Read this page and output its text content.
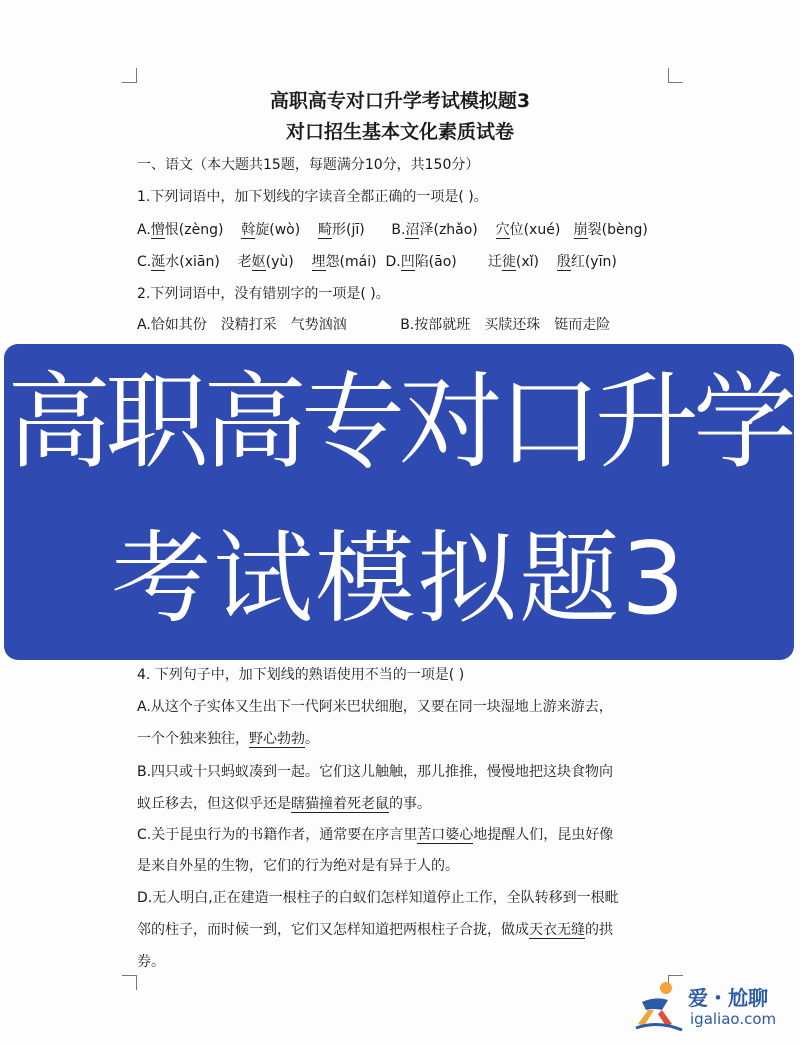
高职高专对口升学考试模拟题3
对口招生基本文化素质试卷
一、语文（本大题共15题，每题满分10分，共150分）
1.下列词语中，加下划线的字读音全都正确的一项是( )。
A.憎恨(zèng) 斡旋(wò) 畸形(jī) B.沼泽(zhǎo) 穴位(xué) 崩裂(bèng)
C.涎水(xiān) 老妪(yù) 埋怨(mái) D.凹陷(āo) 迁徙(xǐ) 殷红(yīn)
2.下列词语中，没有错别字的一项是( )。
A.恰如其份　没精打采　气势汹汹	B.按部就班　买牍还珠　铤而走险
高职高专对口升学
考试模拟题3
4. 下列句子中，加下划线的熟语使用不当的一项是( )
A.从这个子实体又生出下一代阿米巴状细胞，又要在同一块湿地上游来游去，
一个个独来独往，野心勃勃。
B.四只或十只蚂蚁凑到一起。它们这儿触触，那儿推推，慢慢地把这块食物向
蚁丘移去，但这似乎还是瞎猫撞着死老鼠的事。
C.关于昆虫行为的书籍作者，通常要在序言里苦口婆心地提醒人们，昆虫好像
是来自外星的生物，它们的行为绝对是有异于人的。
D.无人明白,正在建造一根柱子的白蚁们怎样知道停止工作，全队转移到一根毗
邻的柱子，而时候一到，它们又怎样知道把两根柱子合拢，做成天衣无缝的拱
券。
爱・尬聊
igaliao.com
